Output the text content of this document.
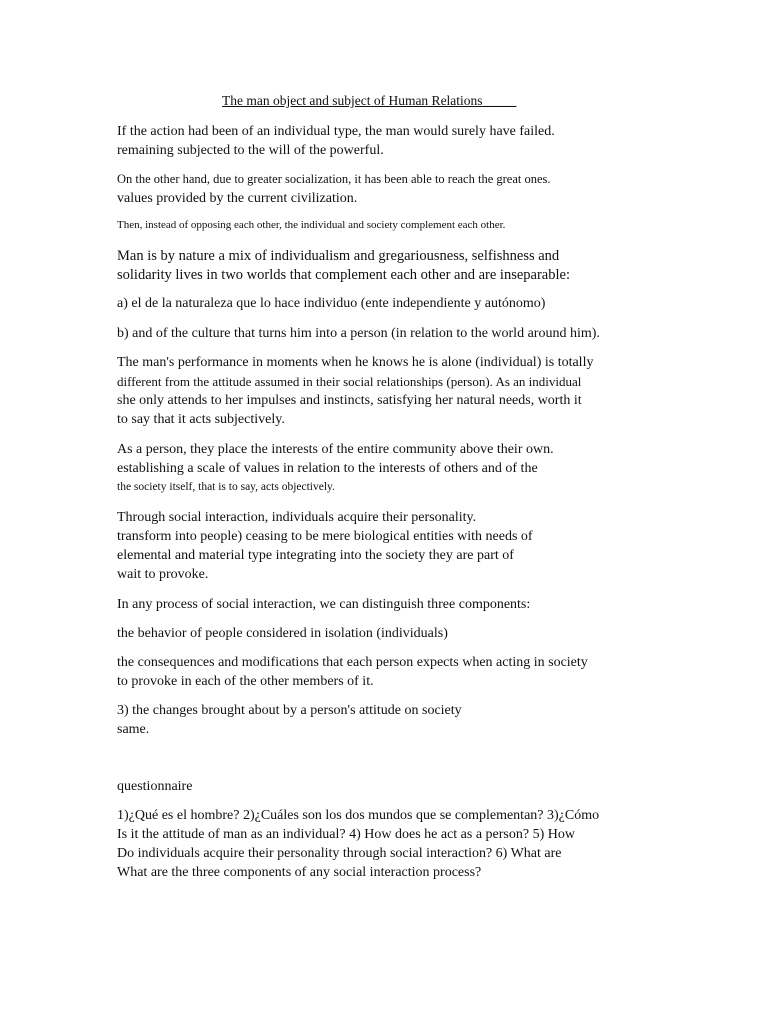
The man object and subject of Human Relations_____

If the action had been of an individual type, the man would surely have failed.
remaining subjected to the will of the powerful.

On the other hand, due to greater socialization, it has been able to reach the great ones.
values provided by the current civilization.

Then, instead of opposing each other, the individual and society complement each other.

Man is by nature a mix of individualism and gregariousness, selfishness and
solidarity lives in two worlds that complement each other and are inseparable:

a) el de la naturaleza que lo hace individuo (ente independiente y autónomo)

b) and of the culture that turns him into a person (in relation to the world around him).

The man's performance in moments when he knows he is alone (individual) is totally
different from the attitude assumed in their social relationships (person). As an individual
she only attends to her impulses and instincts, satisfying her natural needs, worth it
to say that it acts subjectively.

As a person, they place the interests of the entire community above their own.
establishing a scale of values in relation to the interests of others and of the
the society itself, that is to say, acts objectively.

Through social interaction, individuals acquire their personality.
transform into people) ceasing to be mere biological entities with needs of
elemental and material type integrating into the society they are part of
wait to provoke.

In any process of social interaction, we can distinguish three components:

the behavior of people considered in isolation (individuals)

the consequences and modifications that each person expects when acting in society
to provoke in each of the other members of it.

3) the changes brought about by a person's attitude on society
same.

questionnaire

1)¿Qué es el hombre? 2)¿Cuáles son los dos mundos que se complementan? 3)¿Cómo
Is it the attitude of man as an individual? 4) How does he act as a person? 5) How
Do individuals acquire their personality through social interaction? 6) What are
What are the three components of any social interaction process?
